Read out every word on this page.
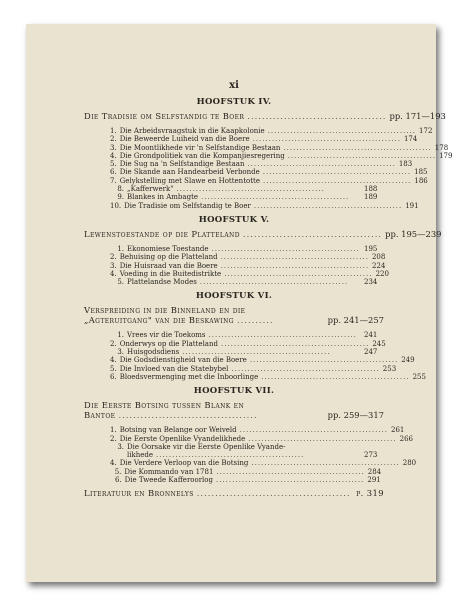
xi
HOOFSTUK IV.
Die Tradisie om Selfstandig te Boer ...................................... pp. 171—193
1. Die Arbeidsvraagstuk in die Kaapkolonie .............................................. 172
2. Die Beweerde Luiheid van die Boere .............................................. 174
3. Die Moontlikhede vir 'n Selfstandige Bestaan .............................................. 178
4. Die Grondpolitiek van die Kompanjiesregering .............................................. 179
5. Die Sug na 'n Selfstandige Bestaan .............................................. 183
6. Die Skande aan Handearbeid Verbonde .............................................. 185
7. Gelykstelling met Slawe en Hottentotte .............................................. 186
8. „Kafferwerk" ..............................................	188
9. Blankes in Ambagte ..............................................	189
10. Die Tradisie om Selfstandig te Boer .............................................. 191
HOOFSTUK V.
Lewenstoestande op die Platteland ...................................... pp. 195—239
1. Ekonomiese Toestande .............................................. 195
2. Behuising op die Platteland .............................................. 208
3. Die Huisraad van die Boere .............................................. 224
4. Voeding in die Buitedistrikte .............................................. 220
5. Plattelandse Modes ..............................................	234
HOOFSTUK VI.
Verspreiding in die Binneland en die
„Agteruitgang" van die Beskawing ..........	pp. 241—257
1. Vrees vir die Toekoms ..............................................	241
2. Onderwys op die Platteland .............................................. 245
3. Huisgodsdiens ..............................................	247
4. Die Godsdienstigheid van die Boere .............................................. 249
5. Die Invloed van die Statebybel .............................................. 253
6. Bloedsvermenging met die Inboorlinge .............................................. 255
HOOFSTUK VII.
Die Eerste Botsing tussen Blank en
Bantoe ......................................	pp. 259—317
1. Botsing van Belange oor Weiveld .............................................. 261
2. Die Eerste Openlike Vyandelikhede .............................................. 266
3. Die Oorsake vir die Eerste Openlike Vyande-
likhede ..............................................	273
4. Die Verdere Verloop van die Botsing .............................................. 280
5. Die Kommando van 1781 .............................................. 284
6. Die Tweede Kafferoorlog .............................................. 291
Literatuur en Bronnelys .......................................... p. 319
